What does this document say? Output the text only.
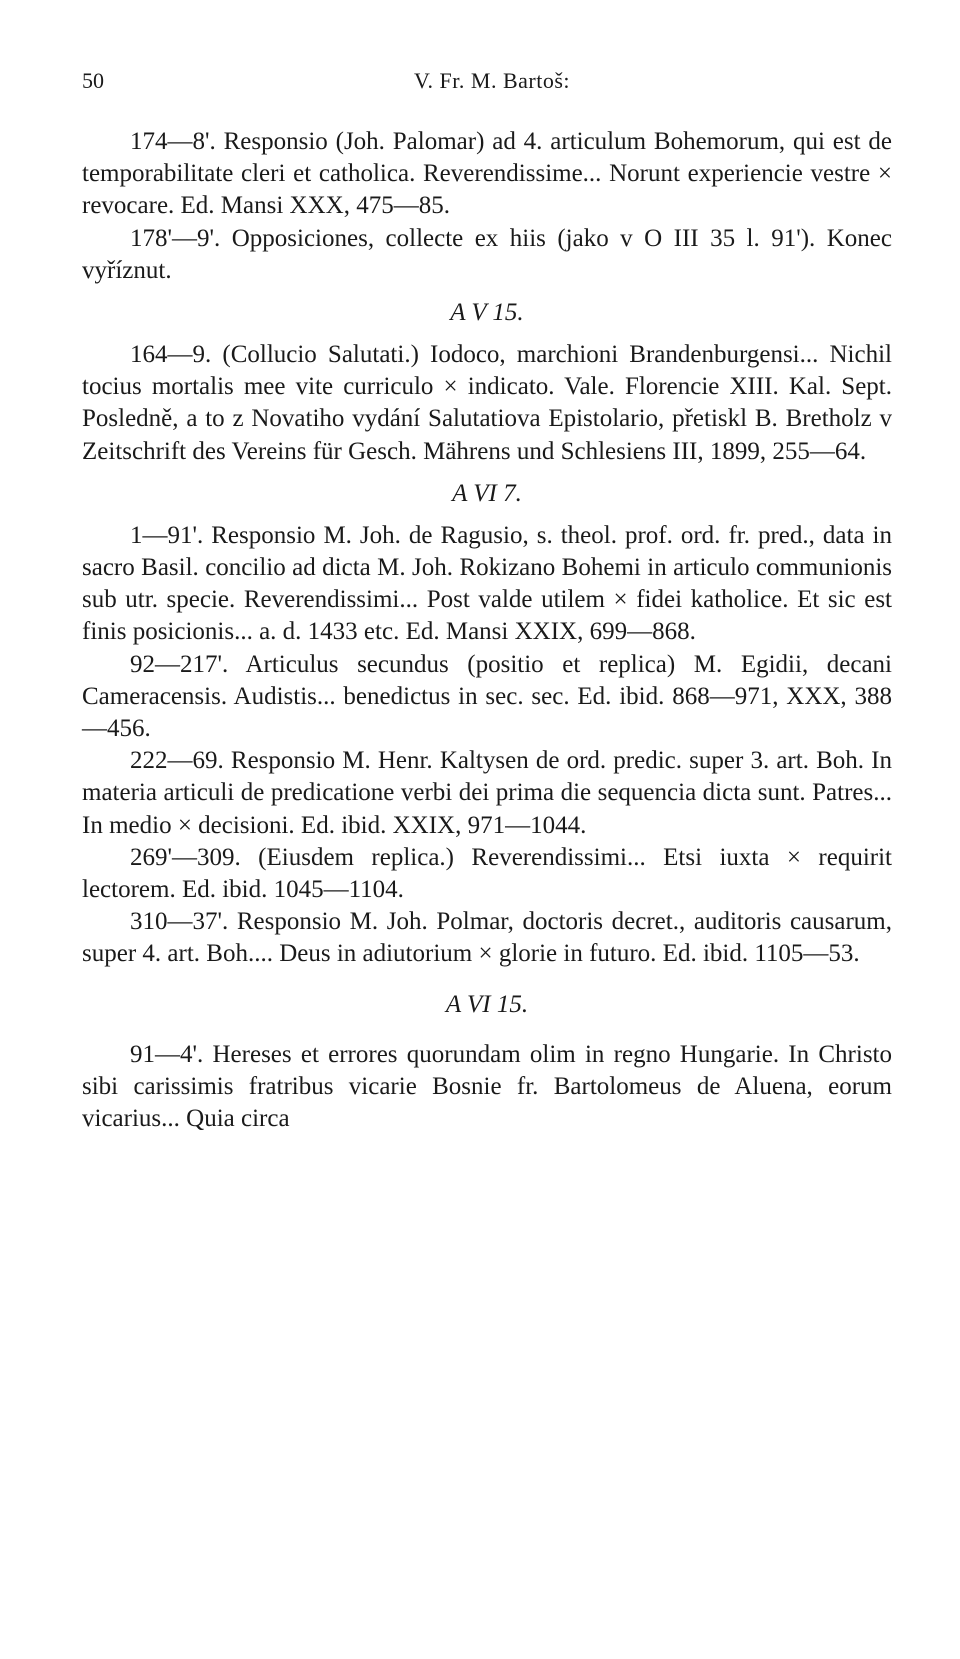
50	V. Fr. M. Bartoš:

174—8'. Responsio (Joh. Palomar) ad 4. articulum Bohemorum, qui est de temporabilitate cleri et catholica. Reverendissime... Norunt experiencie vestre × revocare. Ed. Mansi XXX, 475—85.

178'—9'. Opposiciones, collecte ex hiis (jako v O III 35 l. 91'). Konec vyříznut.

A V 15.

164—9. (Collucio Salutati.) Iodoco, marchioni Brandenburgensi... Nichil tocius mortalis mee vite curriculo × indicato. Vale. Florencie XIII. Kal. Sept. Posledně, a to z Novatiho vydání Salutatiova Epistolario, přetiskl B. Bretholz v Zeitschrift des Vereins für Gesch. Mährens und Schlesiens III, 1899, 255—64.

A VI 7.

1—91'. Responsio M. Joh. de Ragusio, s. theol. prof. ord. fr. pred., data in sacro Basil. concilio ad dicta M. Joh. Rokizano Bohemi in articulo communionis sub utr. specie. Reverendissimi... Post valde utilem × fidei katholice. Et sic est finis posicionis... a. d. 1433 etc. Ed. Mansi XXIX, 699—868.

92—217'. Articulus secundus (positio et replica) M. Egidii, decani Cameracensis. Audistis... benedictus in sec. sec. Ed. ibid. 868—971, XXX, 388—456.

222—69. Responsio M. Henr. Kaltysen de ord. predic. super 3. art. Boh. In materia articuli de predicatione verbi dei prima die sequencia dicta sunt. Patres... In medio × decisioni. Ed. ibid. XXIX, 971—1044.

269'—309. (Eiusdem replica.) Reverendissimi... Etsi iuxta × requirit lectorem. Ed. ibid. 1045—1104.

310—37'. Responsio M. Joh. Polmar, doctoris decret., auditoris causarum, super 4. art. Boh.... Deus in adiutorium × glorie in futuro. Ed. ibid. 1105—53.

A VI 15.

91—4'. Hereses et errores quorundam olim in regno Hungarie. In Christo sibi carissimis fratribus vicarie Bosnie fr. Bartolomeus de Aluena, eorum vicarius... Quia circa
